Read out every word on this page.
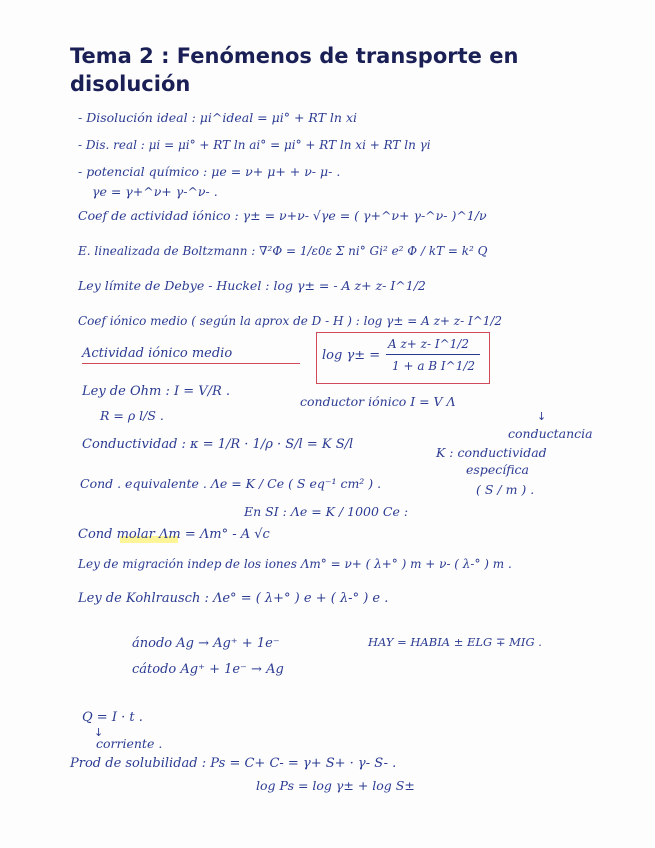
Tema 2 : Fenómenos de transporte en
disolución
- Disolución ideal : μi^ideal = μi° + RT ln xi
- Dis. real : μi = μi° + RT ln ai° = μi° + RT ln xi + RT ln γi
- potencial químico : μe = ν+ μ+ + ν- μ- .
γe = γ+^ν+ γ-^ν- .
Coef de actividad iónico : γ± = ν+ν- √γe = ( γ+^ν+ γ-^ν- )^1/ν
E. linealizada de Boltzmann : ∇²Φ = 1/ε0ε Σ ni° Gi² e² Φ / kT = k² Q
Ley límite de Debye - Huckel : log γ± = - A z+ z- I^1/2
Coef iónico medio ( según la aprox de D - H ) : log γ± = A z+ z- I^1/2
Actividad iónico medio	log γ± =
A z+ z- I^1/2
1 + a B I^1/2
Ley de Ohm : I = V/R .
conductor iónico I = V Λ
↓
R = ρ l/S .
conductancia
Conductividad : κ = 1/R · 1/ρ · S/l = K S/l
K : conductividad
específica
Cond . equivalente . Λe = K / Ce ( S eq⁻¹ cm² ) .	( S / m ) .
En SI : Λe = K / 1000 Ce :
Cond molar Λm = Λm° - A √c
Ley de migración indep de los iones Λm° = ν+ ( λ+° ) m + ν- ( λ-° ) m .
Ley de Kohlrausch : Λe° = ( λ+° ) e + ( λ-° ) e .
ánodo Ag → Ag⁺ + 1e⁻	HAY = HABIA ± ELG ∓ MIG .
cátodo Ag⁺ + 1e⁻ → Ag
Q = I · t .
↓
corriente .
Prod de solubilidad : Ps = C+ C- = γ+ S+ · γ- S- .
log Ps = log γ± + log S±
